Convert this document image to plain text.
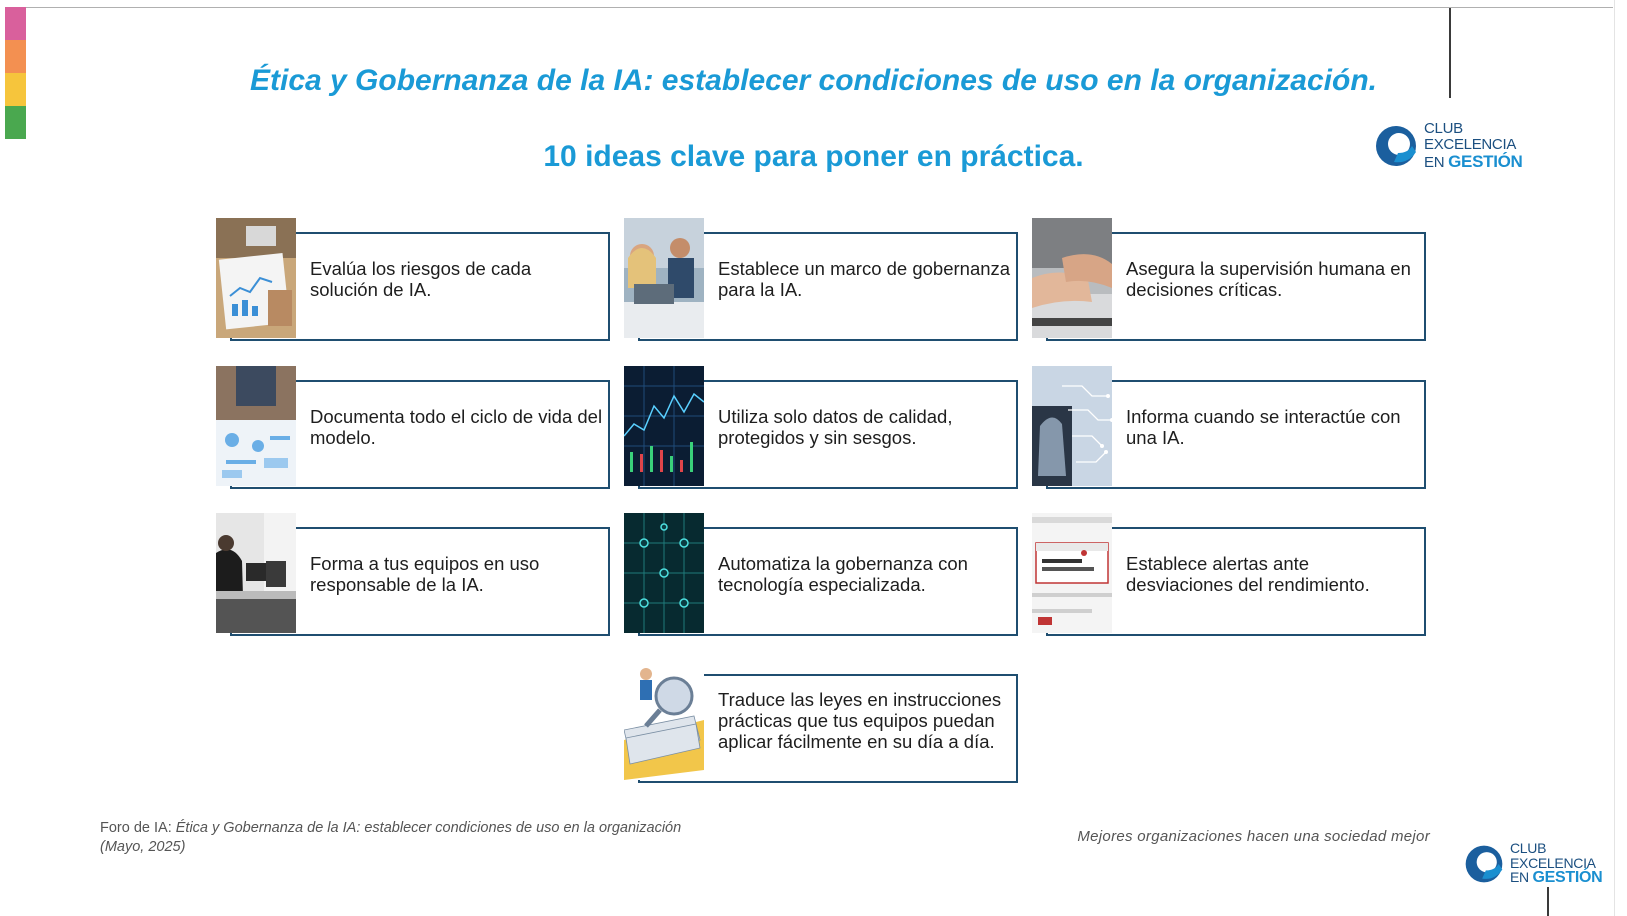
Ética y Gobernanza de la IA: establecer condiciones de uso en la organización.
10 ideas clave para poner en práctica.
CLUB
EXCELENCIA
EN GESTIÓN
Evalúa los riesgos de cada solución de IA.
Establece un marco de gobernanza para la IA.
Asegura la supervisión humana en decisiones críticas.
Documenta todo el ciclo de vida del modelo.
Utiliza solo datos de calidad, protegidos y sin sesgos.
Informa cuando se interactúe con una IA.
Forma a tus equipos en uso responsable de la IA.
Automatiza la gobernanza con tecnología especializada.
Establece alertas ante desviaciones del rendimiento.
Traduce las leyes en instrucciones prácticas que tus equipos puedan aplicar fácilmente en su día a día.
Foro de IA: Ética y Gobernanza de la IA: establecer condiciones de uso en la organización
(Mayo, 2025)
Mejores organizaciones hacen una sociedad mejor
CLUB
EXCELENCIA
EN GESTIÓN
